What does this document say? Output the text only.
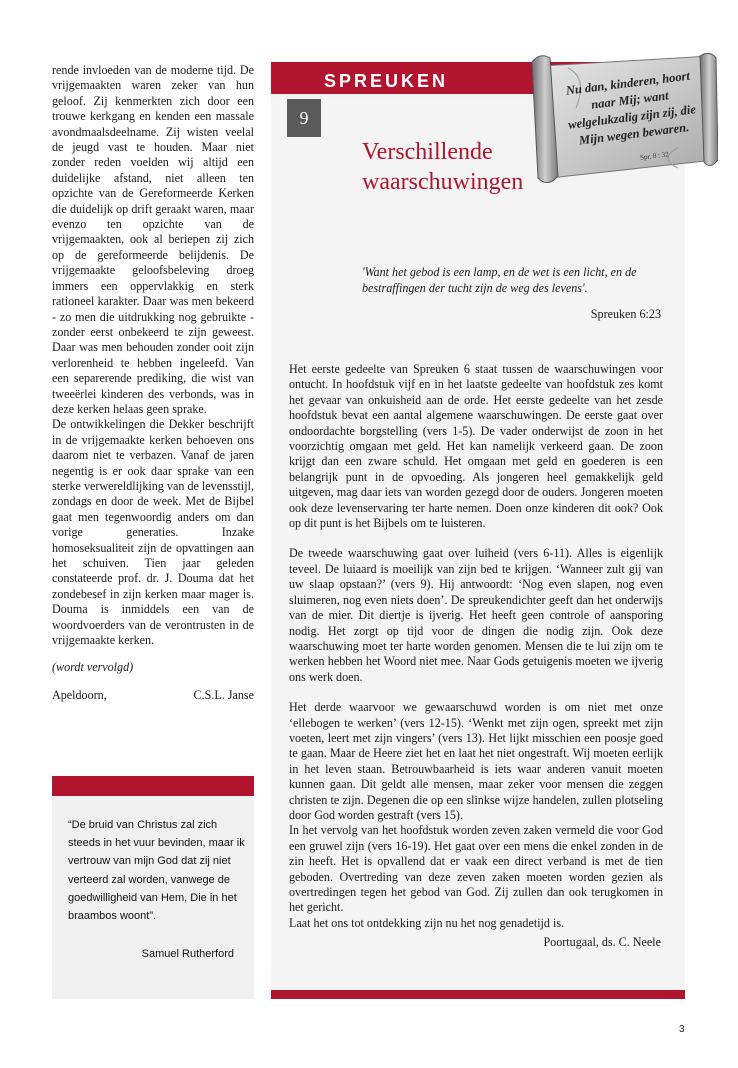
rende invloeden van de moderne tijd. De vrijgemaakten waren zeker van hun geloof. Zij kenmerkten zich door een trouwe kerkgang en kenden een massale avondmaalsdeelname. Zij wisten veelal de jeugd vast te houden. Maar niet zonder reden voelden wij altijd een duidelijke afstand, niet alleen ten opzichte van de Gereformeerde Kerken die duidelijk op drift geraakt waren, maar evenzo ten opzichte van de vrijgemaakten, ook al beriepen zij zich op de gereformeerde belijdenis. De vrijgemaakte geloofsbeleving droeg immers een oppervlakkig en sterk rationeel karakter. Daar was men bekeerd - zo men die uitdrukking nog gebruikte - zonder eerst onbekeerd te zijn geweest. Daar was men behouden zonder ooit zijn verlorenheid te hebben ingeleefd. Van een separerende prediking, die wist van tweeërlei kinderen des verbonds, was in deze kerken helaas geen sprake.

De ontwikkelingen die Dekker beschrijft in de vrijgemaakte kerken behoeven ons daarom niet te verbazen. Vanaf de jaren negentig is er ook daar sprake van een sterke verwereldlijking van de levensstijl, zondags en door de week. Met de Bijbel gaat men tegenwoordig anders om dan vorige generaties. Inzake homoseksualiteit zijn de opvattingen aan het schuiven. Tien jaar geleden constateerde prof. dr. J. Douma dat het zondebesef in zijn kerken maar mager is. Douma is inmiddels een van de woordvoerders van de verontrusten in de vrijgemaakte kerken.

(wordt vervolgd)

Apeldoorn,	C.S.L. Janse
“De bruid van Christus zal zich steeds in het vuur bevinden, maar ik vertrouw van mijn God dat zij niet verteerd zal worden, vanwege de goedwilligheid van Hem, Die in het braambos woont”.
Samuel Rutherford
SPREUKEN
9
Verschillende waarschuwingen
Nu dan, kinderen, hoort naar Mij; want welgelukzalig zijn zij, die Mijn wegen bewaren.
Spr. 8 : 32
'Want het gebod is een lamp, en de wet is een licht, en de bestraffingen der tucht zijn de weg des levens'.
Spreuken 6:23

Het eerste gedeelte van Spreuken 6 staat tussen de waarschuwingen voor ontucht. In hoofdstuk vijf en in het laatste gedeelte van hoofdstuk zes komt het gevaar van onkuisheid aan de orde. Het eerste gedeelte van het zesde hoofdstuk bevat een aantal algemene waarschuwingen. De eerste gaat over ondoordachte borgstelling (vers 1-5). De vader onderwijst de zoon in het voorzichtig omgaan met geld. Het kan namelijk verkeerd gaan. De zoon krijgt dan een zware schuld. Het omgaan met geld en goederen is een belangrijk punt in de opvoeding. Als jongeren heel gemakkelijk geld uitgeven, mag daar iets van worden gezegd door de ouders. Jongeren moeten ook deze levenservaring ter harte nemen. Doen onze kinderen dit ook? Ook op dit punt is het Bijbels om te luisteren.

De tweede waarschuwing gaat over luiheid (vers 6-11). Alles is eigenlijk teveel. De luiaard is moeilijk van zijn bed te krijgen. ‘Wanneer zult gij van uw slaap opstaan?’ (vers 9). Hij antwoordt: ‘Nog even slapen, nog even sluimeren, nog even niets doen’. De spreukendichter geeft dan het onderwijs van de mier. Dit diertje is ijverig. Het heeft geen controle of aansporing nodig. Het zorgt op tijd voor de dingen die nodig zijn. Ook deze waarschuwing moet ter harte worden genomen. Mensen die te lui zijn om te werken hebben het Woord niet mee. Naar Gods getuigenis moeten we ijverig ons werk doen.

Het derde waarvoor we gewaarschuwd worden is om niet met onze ‘ellebogen te werken’ (vers 12-15). ‘Wenkt met zijn ogen, spreekt met zijn voeten, leert met zijn vingers’ (vers 13). Het lijkt misschien een poosje goed te gaan. Maar de Heere ziet het en laat het niet ongestraft. Wij moeten eerlijk in het leven staan. Betrouwbaarheid is iets waar anderen vanuit moeten kunnen gaan. Dit geldt alle mensen, maar zeker voor mensen die zeggen christen te zijn. Degenen die op een slinkse wijze handelen, zullen plotseling door God worden gestraft (vers 15).

In het vervolg van het hoofdstuk worden zeven zaken vermeld die voor God een gruwel zijn (vers 16-19). Het gaat over een mens die enkel zonden in de zin heeft. Het is opvallend dat er vaak een direct verband is met de tien geboden. Overtreding van deze zeven zaken moeten worden gezien als overtredingen tegen het gebod van God. Zij zullen dan ook terugkomen in het gericht.

Laat het ons tot ontdekking zijn nu het nog genadetijd is.

Poortugaal, ds. C. Neele
3
